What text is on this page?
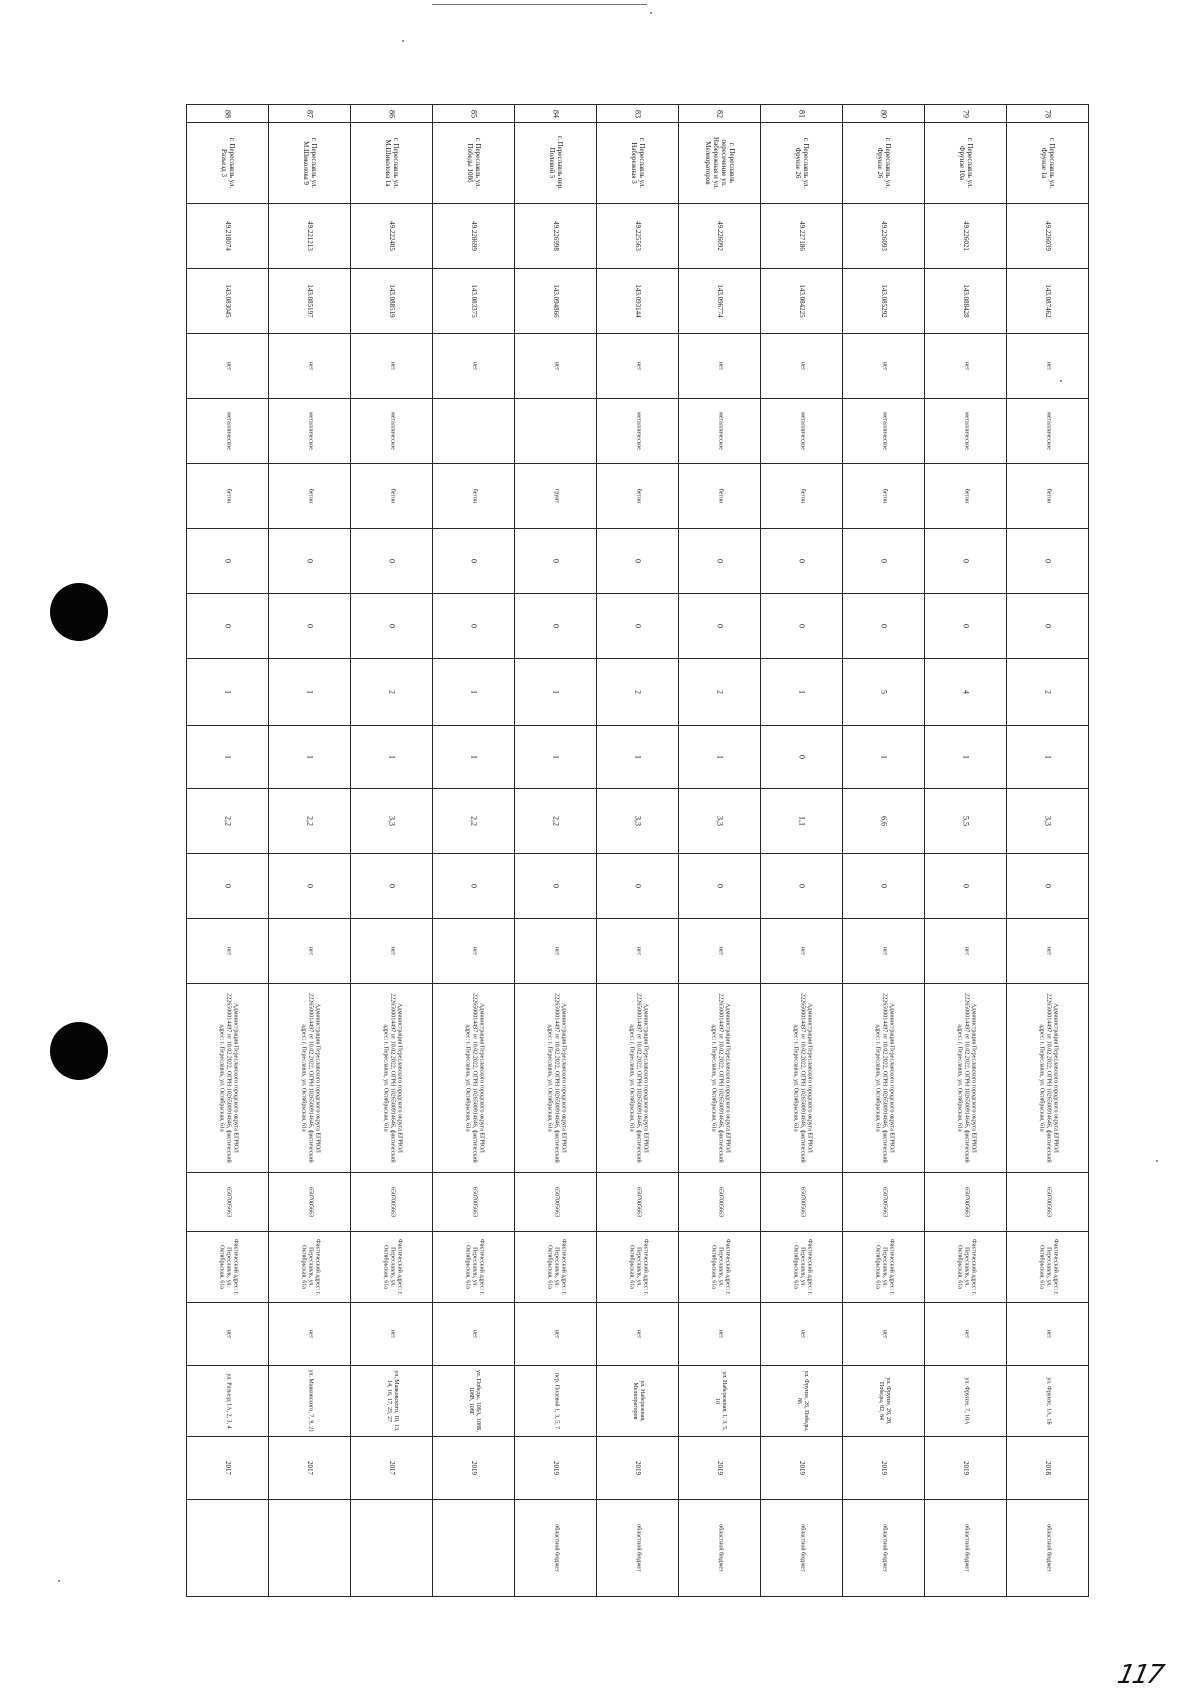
88	87	86	85	84	83	82	81	80	79	78

г. Переславль ул. Разъезд 3	г. Переславль ул. М.Шиколова 9	г. Переславль ул. М.Шиколова 1а	г. Переславль ул. Победы 108б	г. Переславль пер. Полевой 5	г. Переславль ул. Набережная 3	г. Переславль пересечение ул. Набережная и ул. Мелиораторов	г. Переславль ул. Фрунзе 26	г. Переславль ул. Фрунзе 26	г. Переславль ул. Фрунзе 10а	г. Переславль ул. Фрунзе 1а

49.218074	49.221213	49.222405	49.228699	49.226998	49.225563	49.226092	49.227186	49.226093	49.226021	49.226039

143.083045	143.085197	143.088519	143.083375	143.094866	143.093144	143.096774	143.084225	143.085292	143.088428	143.087462

нет	нет	нет	нет	нет	нет	нет	нет	нет	нет	нет

металлическое	металлическое	металлическое			металлическое	металлическое	металлическое	металлическое	металлическое	металлическое

бетон	бетон	бетон	бетон	грунт	бетон	бетон	бетон	бетон	бетон	бетон

0	0	0	0	0	0	0	0	0	0	0

0	0	0	0	0	0	0	0	0	0	0

1	1	2	1	1	2	2	1	5	4	2

1	1	1	1	1	1	1	0	1	1	1

2,2	2,2	3,3	2,2	2,2	3,3	3,3	1,1	6,6	5,5	3,3

0	0	0	0	0	0	0	0	0	0	0

нет	нет	нет	нет	нет	нет	нет	нет	нет	нет	нет

Администрация Переславского городского округа ЕГРЮЛ 2226500014497 от 10.02.2022, ОГРН 1026500914646, фактический адрес: г. Переславль, ул. Октябрьская, 61а	Администрация Переславского городского округа ЕГРЮЛ 2226500014497 от 10.02.2022, ОГРН 1026500914646, фактический адрес: г. Переславль, ул. Октябрьская, 61а	Администрация Переславского городского округа ЕГРЮЛ 2226500014497 от 10.02.2022, ОГРН 1026500914646, фактический адрес: г. Переславль, ул. Октябрьская, 61а	Администрация Переславского городского округа ЕГРЮЛ 2226500014497 от 10.02.2022, ОГРН 1026500914646, фактический адрес: г. Переславль, ул. Октябрьская, 61а	Администрация Переславского городского округа ЕГРЮЛ 2226500014497 от 10.02.2022, ОГРН 1026500914646, фактический адрес: г. Переславль, ул. Октябрьская, 61а	Администрация Переславского городского округа ЕГРЮЛ 2226500014497 от 10.02.2022, ОГРН 1026500914646, фактический адрес: г. Переславль, ул. Октябрьская, 61а	Администрация Переславского городского округа ЕГРЮЛ 2226500014497 от 10.02.2022, ОГРН 1026500914646, фактический адрес: г. Переславль, ул. Октябрьская, 61а	Администрация Переславского городского округа ЕГРЮЛ 2226500014497 от 10.02.2022, ОГРН 1026500914646, фактический адрес: г. Переславль, ул. Октябрьская, 61а	Администрация Переславского городского округа ЕГРЮЛ 2226500014497 от 10.02.2022, ОГРН 1026500914646, фактический адрес: г. Переславль, ул. Октябрьская, 61а	Администрация Переславского городского округа ЕГРЮЛ 2226500014497 от 10.02.2022, ОГРН 1026500914646, фактический адрес: г. Переславль, ул. Октябрьская, 61а	Администрация Переславского городского округа ЕГРЮЛ 2226500014497 от 10.02.2022, ОГРН 1026500914646, фактический адрес: г. Переславль, ул. Октябрьская, 61а

6507005663	6507005663	6507005663	6507005663	6507005663	6507005663	6507005663	6507005663	6507005663	6507005663	6507005663

Фактический адрес: г. Переславль, ул. Октябрьская, 61а	Фактический адрес: г. Переславль, ул. Октябрьская, 61а	Фактический адрес: г. Переславль, ул. Октябрьская, 61а	Фактический адрес: г. Переславль, ул. Октябрьская, 61а	Фактический адрес: г. Переславль, ул. Октябрьская, 61а	Фактический адрес: г. Переславль, ул. Октябрьская, 61а	Фактический адрес: г. Переславль, ул. Октябрьская, 61а	Фактический адрес: г. Переславль, ул. Октябрьская, 61а	Фактический адрес: г. Переславль, ул. Октябрьская, 61а	Фактический адрес: г. Переславль, ул. Октябрьская, 61а	Фактический адрес: г. Переславль, ул. Октябрьская, 61а

нет	нет	нет	нет	нет	нет	нет	нет	нет	нет	нет

ул. Разъезд 1А, 2, 3, 4	ул. Маяковского, 7, 9, 21	ул. Маяковского, 10, 13, 14, 16, 17, 25, 27	ул. Победы, 108А, 108Б, 108В, 108Г	пер. Полевой 1, 3, 5, 7	ул. Набережная, Мелиораторов	ул. Набережная, 1, 3, 5, 10	ул. Фрунзе, 26, Победы, 86	ул. Фрунзе, 26, 28, Победы, 82, 84	ул. Фрунзе, 7, 10А	ул. Фрунзе, 1А, 1Б

2017	2017	2017	2019	2019	2019	2019	2019	2019	2019	2018

				областной бюджет	областной бюджет	областной бюджет	областной бюджет	областной бюджет	областной бюджет	областной бюджет
117
